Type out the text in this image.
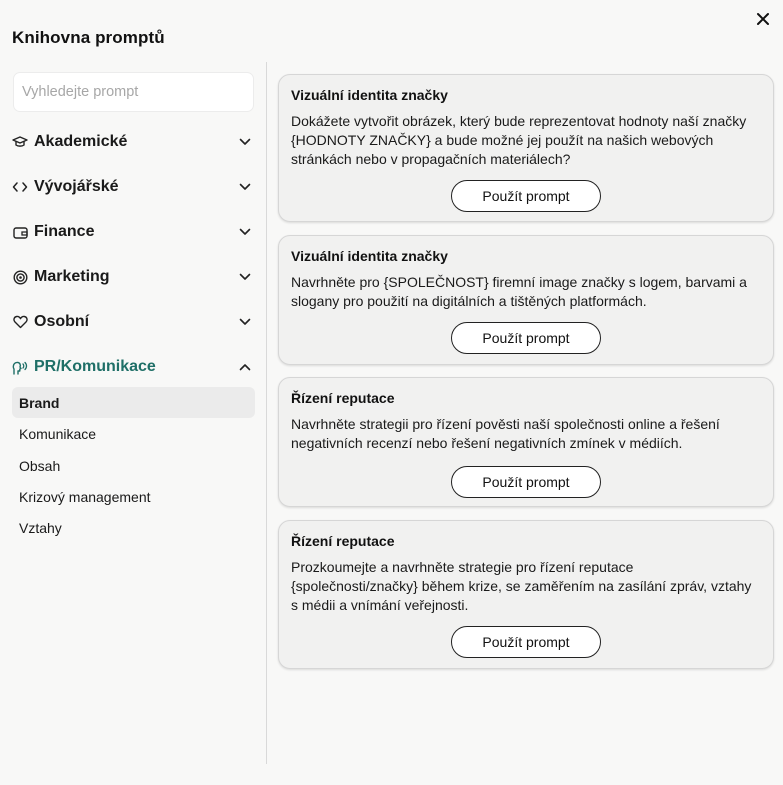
Knihovna promptů
Vyhledejte prompt
Akademické
Vývojářské
Finance
Marketing
Osobní
PR/Komunikace
Brand
Komunikace
Obsah
Krizový management
Vztahy
Vizuální identita značky

Dokážete vytvořit obrázek, který bude reprezentovat hodnoty naší značky {HODNOTY ZNAČKY} a bude možné jej použít na našich webových stránkách nebo v propagačních materiálech?

Použít prompt
Vizuální identita značky

Navrhněte pro {SPOLEČNOST} firemní image značky s logem, barvami a slogany pro použití na digitálních a tištěných platformách.

Použít prompt
Řízení reputace

Navrhněte strategii pro řízení pověsti naší společnosti online a řešení negativních recenzí nebo řešení negativních zmínek v médiích.

Použít prompt
Řízení reputace

Prozkoumejte a navrhněte strategie pro řízení reputace {společnosti/značky} během krize, se zaměřením na zasílání zpráv, vztahy s médii a vnímání veřejnosti.

Použít prompt
